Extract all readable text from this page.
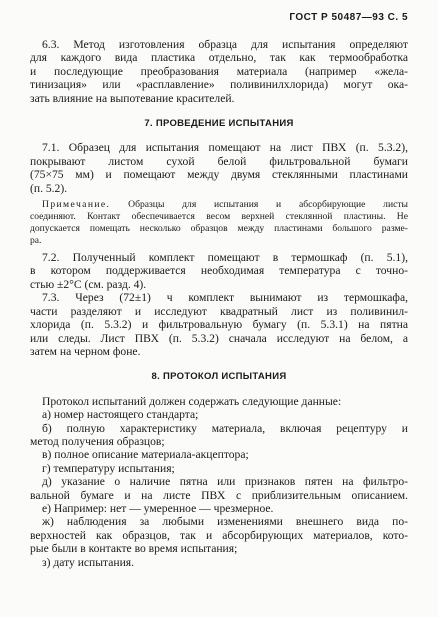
ГОСТ Р 50487—93 С. 5
6.3. Метод изготовления образца для испытания определяют
для каждого вида пластика отдельно, так как термообработка
и последующие преобразования материала (например «жела-
тинизация» или «расплавление» поливинилхлорида) могут ока-
зать влияние на выпотевание красителей.
7. ПРОВЕДЕНИЕ ИСПЫТАНИЯ
7.1. Образец для испытания помещают на лист ПВХ (п. 5.3.2),
покрывают листом сухой белой фильтровальной бумаги
(75×75 мм) и помещают между двумя стеклянными пластинами
(п. 5.2).
Примечание. Образцы для испытания и абсорбирующие листы
соединяют. Контакт обеспечивается весом верхней стеклянной пластины. Не
допускается помещать несколько образцов между пластинами большого разме-
ра.
7.2. Полученный комплект помещают в термошкаф (п. 5.1),
в котором поддерживается необходимая температура с точно-
стью ±2°С (см. разд. 4).
7.3. Через (72±1) ч комплект вынимают из термошкафа,
части разделяют и исследуют квадратный лист из поливинил-
хлорида (п. 5.3.2) и фильтровальную бумагу (п. 5.3.1) на пятна
или следы. Лист ПВХ (п. 5.3.2) сначала исследуют на белом, а
затем на черном фоне.
8. ПРОТОКОЛ ИСПЫТАНИЯ
Протокол испытаний должен содержать следующие данные:
а) номер настоящего стандарта;
б) полную характеристику материала, включая рецептуру и
метод получения образцов;
в) полное описание материала-акцептора;
г) температуру испытания;
д) указание о наличие пятна или признаков пятен на фильтро-
вальной бумаге и на листе ПВХ с приблизительным описанием.
е) Например: нет — умеренное — чрезмерное.
ж) наблюдения за любыми изменениями внешнего вида по-
верхностей как образцов, так и абсорбирующих материалов, кото-
рые были в контакте во время испытания;
з) дату испытания.
